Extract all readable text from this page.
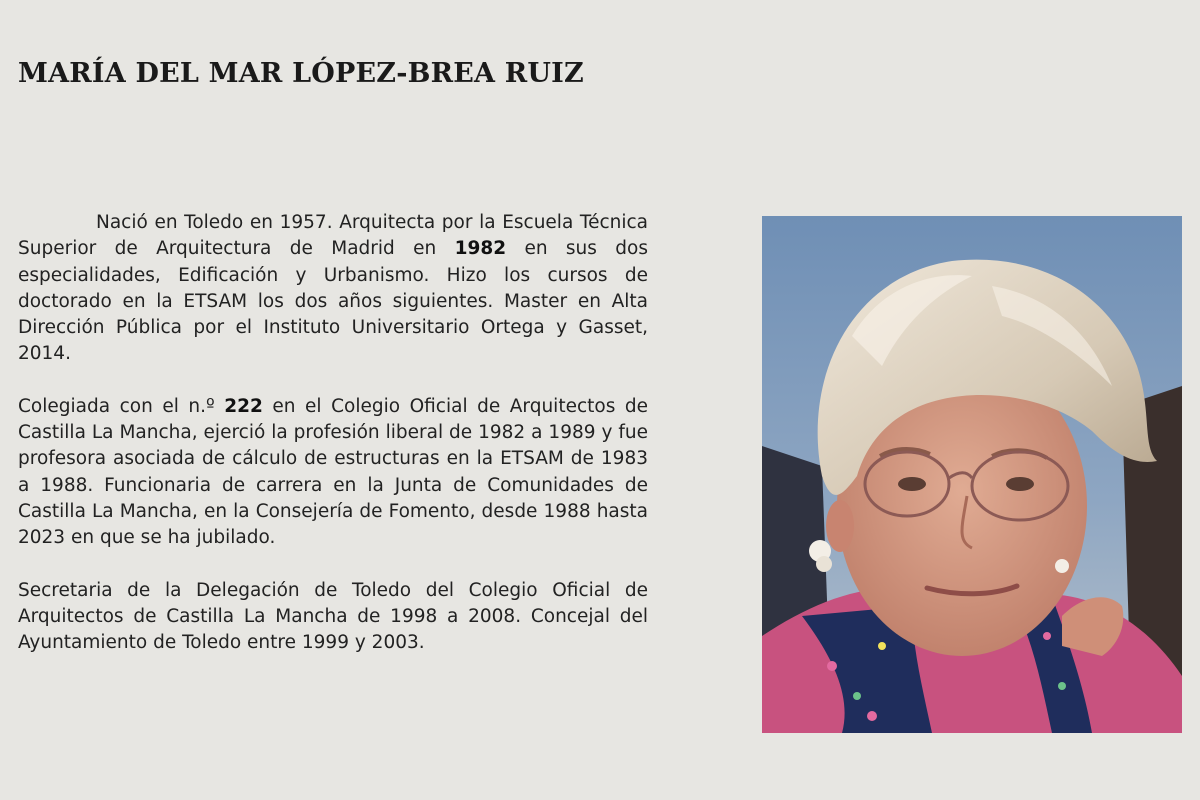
MARÍA DEL MAR LÓPEZ-BREA RUIZ

Nació en Toledo en 1957. Arquitecta por la Escuela Técnica Superior de Arquitectura de Madrid en 1982 en sus dos especialidades, Edificación y Urbanismo. Hizo los cursos de doctorado en la ETSAM los dos años siguientes. Master en Alta Dirección Pública por el Instituto Universitario Ortega y Gasset, 2014.

Colegiada con el n.º 222 en el Colegio Oficial de Arquitectos de Castilla La Mancha, ejerció la profesión liberal de 1982 a 1989 y fue profesora asociada de cálculo de estructuras en la ETSAM de 1983 a 1988. Funcionaria de carrera en la Junta de Comunidades de Castilla La Mancha, en la Consejería de Fomento, desde 1988 hasta 2023 en que se ha jubilado.

Secretaria de la Delegación de Toledo del Colegio Oficial de Arquitectos de Castilla La Mancha de 1998 a 2008. Concejal del Ayuntamiento de Toledo entre 1999 y 2003.
